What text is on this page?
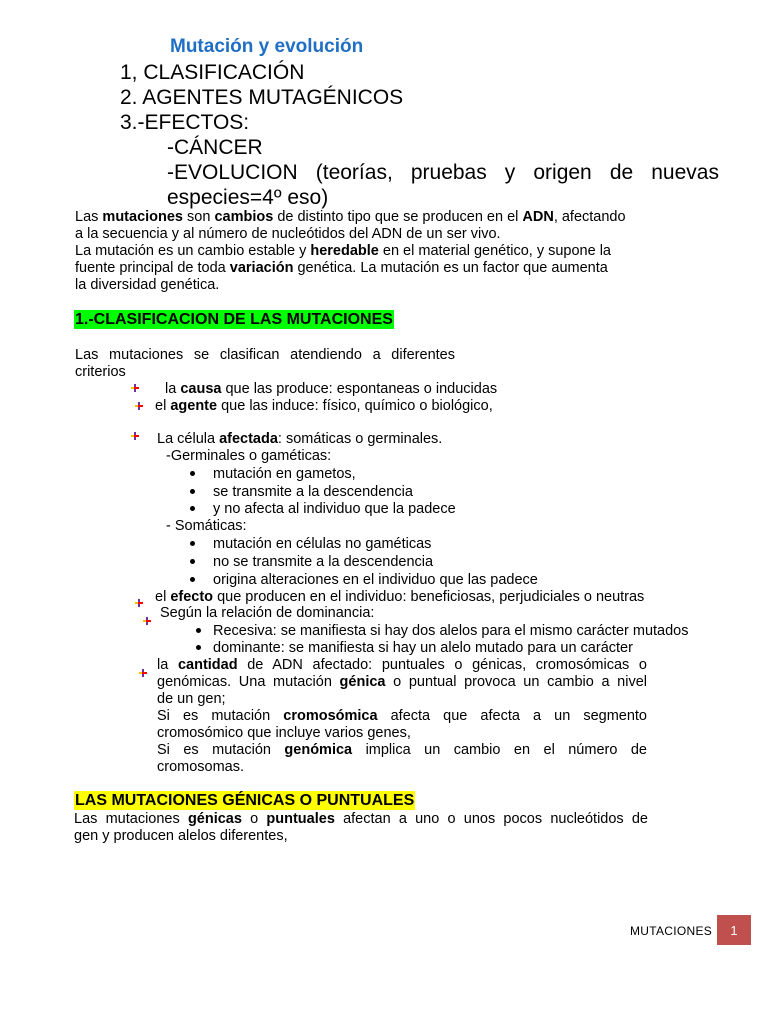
Mutación y evolución
1, CLASIFICACIÓN
2. AGENTES MUTAGÉNICOS
3.-EFECTOS:
-CÁNCER
-EVOLUCION (teorías, pruebas y origen de nuevas
especies=4º eso)
Las mutaciones son cambios de distinto tipo que se producen en el ADN, afectando
a la secuencia y al número de nucleótidos del ADN de un ser vivo.
La mutación es un cambio estable y heredable en el material genético, y supone la
fuente principal de toda variación genética. La mutación es un factor que aumenta
la diversidad genética.
1.-CLASIFICACION DE LAS MUTACIONES
Las mutaciones se clasifican atendiendo a diferentes
criterios
la causa que las produce: espontaneas o inducidas
el agente que las induce: físico, químico o biológico,
La célula afectada: somáticas o germinales.
-Germinales o gaméticas:
mutación en gametos,
se transmite a la descendencia
y no afecta al individuo que la padece
- Somáticas:
mutación en células no gaméticas
no se transmite a la descendencia
origina alteraciones en el individuo que las padece
el efecto que producen en el individuo: beneficiosas, perjudiciales o neutras
Según la relación de dominancia:
Recesiva: se manifiesta si hay dos alelos para el mismo carácter mutados
dominante: se manifiesta si hay un alelo mutado para un carácter
la cantidad de ADN afectado: puntuales o génicas, cromosómicas o
genómicas. Una mutación génica o puntual provoca un cambio a nivel
de un gen;
Si es mutación cromosómica afecta que afecta a un segmento
cromosómico que incluye varios genes,
Si es mutación genómica implica un cambio en el número de
cromosomas.
LAS MUTACIONES GÉNICAS O PUNTUALES
Las mutaciones génicas o puntuales afectan a uno o unos pocos nucleótidos de
gen y producen alelos diferentes,
MUTACIONES	1
